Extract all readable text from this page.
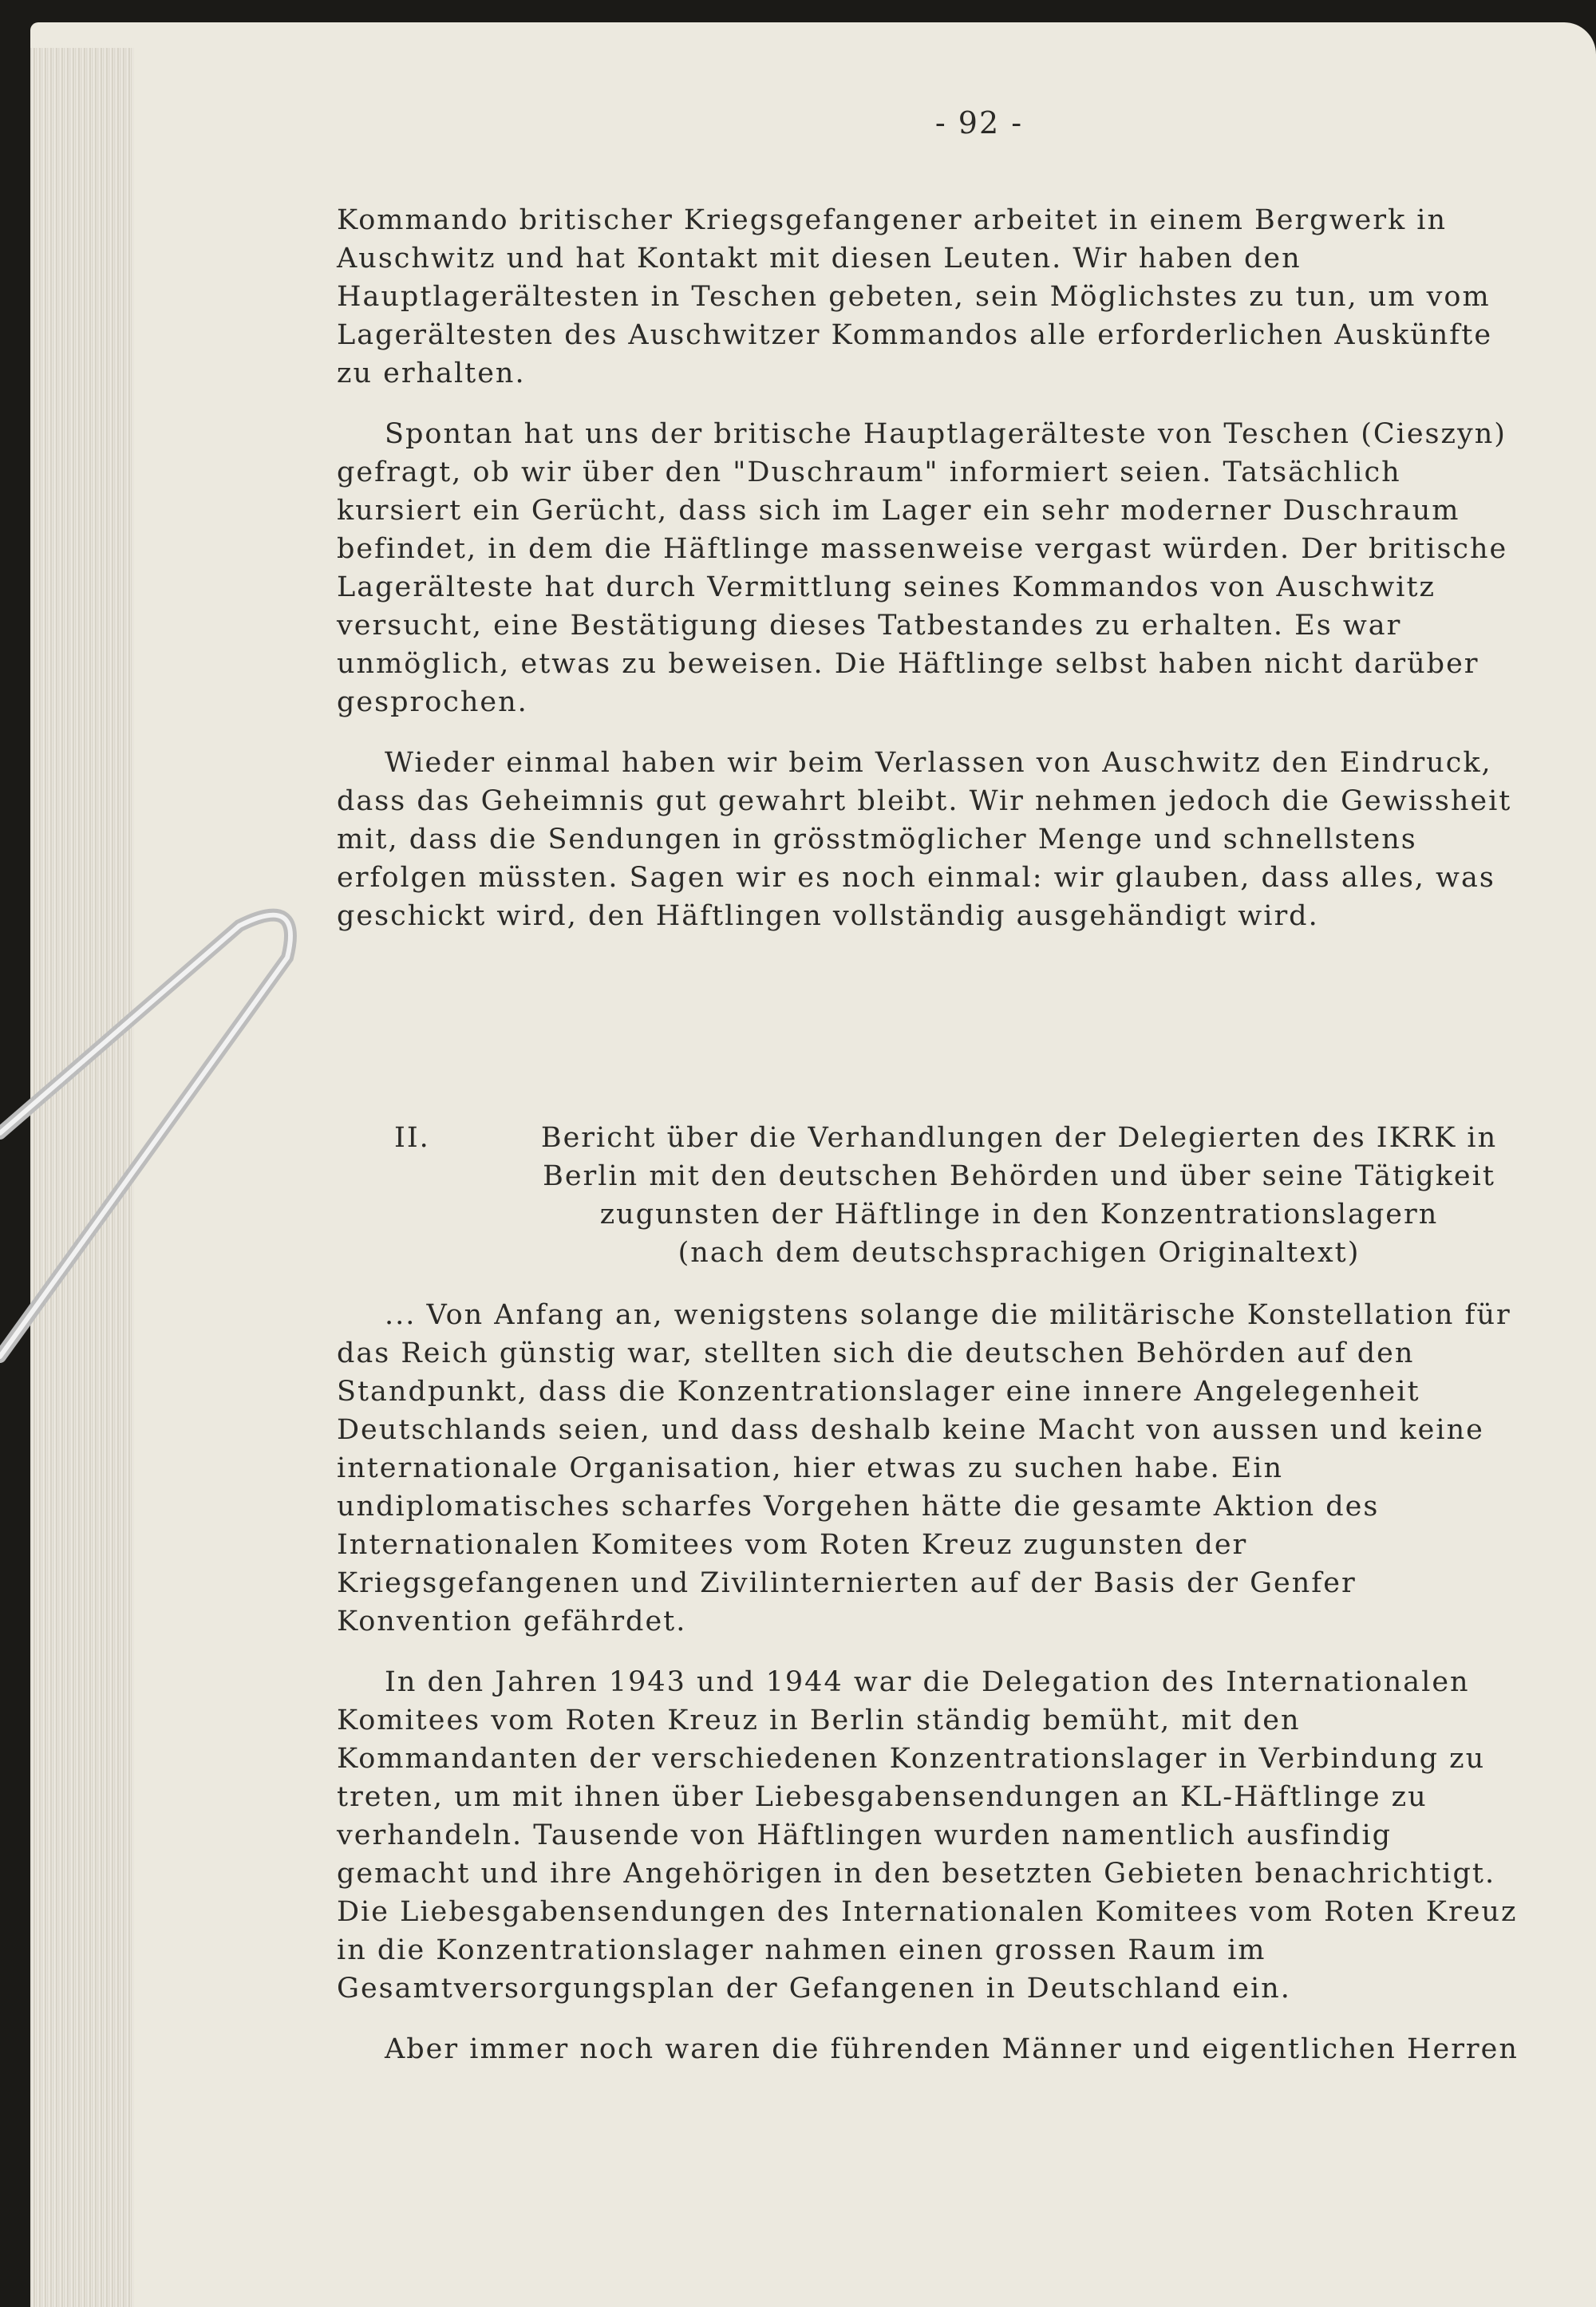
- 92 -

Kommando britischer Kriegsgefangener arbeitet in einem Bergwerk in Auschwitz und hat Kontakt mit diesen Leuten. Wir haben den Hauptlagerältesten in Teschen gebeten, sein Möglichstes zu tun, um vom Lagerältesten des Auschwitzer Kommandos alle erforderlichen Auskünfte zu erhalten.

Spontan hat uns der britische Hauptlagerälteste von Teschen (Cieszyn) gefragt, ob wir über den "Duschraum" informiert seien. Tatsächlich kursiert ein Gerücht, dass sich im Lager ein sehr moderner Duschraum befindet, in dem die Häftlinge massenweise vergast würden. Der britische Lagerälteste hat durch Vermittlung seines Kommandos von Auschwitz versucht, eine Bestätigung dieses Tatbestandes zu erhalten. Es war unmöglich, etwas zu beweisen. Die Häftlinge selbst haben nicht darüber gesprochen.

Wieder einmal haben wir beim Verlassen von Auschwitz den Eindruck, dass das Geheimnis gut gewahrt bleibt. Wir nehmen jedoch die Gewissheit mit, dass die Sendungen in grösstmöglicher Menge und schnellstens erfolgen müssten. Sagen wir es noch einmal: wir glauben, dass alles, was geschickt wird, den Häftlingen vollständig ausgehändigt wird.

II.	Bericht über die Verhandlungen der Delegierten des IKRK in
Berlin mit den deutschen Behörden und über seine Tätigkeit
zugunsten der Häftlinge in den Konzentrationslagern
(nach dem deutschsprachigen Originaltext)

... Von Anfang an, wenigstens solange die militärische Konstellation für das Reich günstig war, stellten sich die deutschen Behörden auf den Standpunkt, dass die Konzentrationslager eine innere Angelegenheit Deutschlands seien, und dass deshalb keine Macht von aussen und keine internationale Organisation, hier etwas zu suchen habe. Ein undiplomatisches scharfes Vorgehen hätte die gesamte Aktion des Internationalen Komitees vom Roten Kreuz zugunsten der Kriegsgefangenen und Zivilinternierten auf der Basis der Genfer Konvention gefährdet.

In den Jahren 1943 und 1944 war die Delegation des Internationalen Komitees vom Roten Kreuz in Berlin ständig bemüht, mit den Kommandanten der verschiedenen Konzentrationslager in Verbindung zu treten, um mit ihnen über Liebesgabensendungen an KL-Häftlinge zu verhandeln. Tausende von Häftlingen wurden namentlich ausfindig gemacht und ihre Angehörigen in den besetzten Gebieten benachrichtigt. Die Liebesgabensendungen des Internationalen Komitees vom Roten Kreuz in die Konzentrationslager nahmen einen grossen Raum im Gesamtversorgungsplan der Gefangenen in Deutschland ein.

Aber immer noch waren die führenden Männer und eigentlichen Herren
